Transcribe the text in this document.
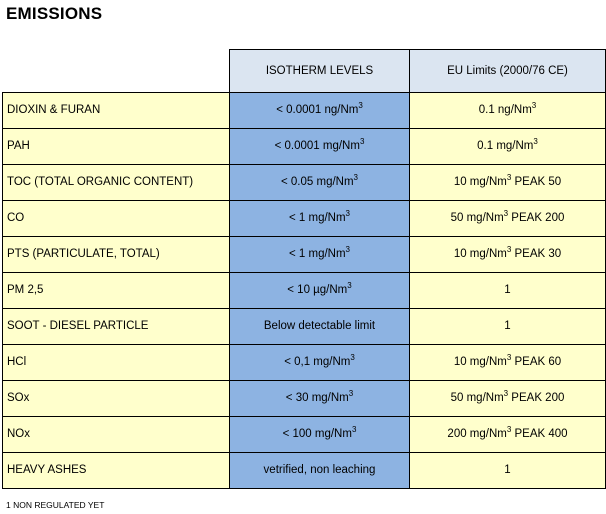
EMISSIONS
	ISOTHERM LEVELS	EU Limits (2000/76 CE)
DIOXIN & FURAN	< 0.0001 ng/Nm$^3$	0.1 ng/Nm$^3$
PAH	< 0.0001 mg/Nm$^3$	0.1 mg/Nm$^3$
TOC (TOTAL ORGANIC CONTENT)	< 0.05 mg/Nm$^3$	10 mg/Nm$^3$ PEAK 50
CO	< 1 mg/Nm$^3$	50 mg/Nm$^3$ PEAK 200
PTS (PARTICULATE, TOTAL)	< 1 mg/Nm$^3$	10 mg/Nm$^3$ PEAK 30
PM 2,5	< 10 µg/Nm$^3$	1
SOOT - DIESEL PARTICLE	Below detectable limit	1
HCl	< 0,1 mg/Nm$^3$	10 mg/Nm$^3$ PEAK 60
SOx	< 30 mg/Nm$^3$	50 mg/Nm$^3$ PEAK 200
NOx	< 100 mg/Nm$^3$	200 mg/Nm$^3$ PEAK 400
HEAVY ASHES	vetrified, non leaching	1
1 NON REGULATED YET
